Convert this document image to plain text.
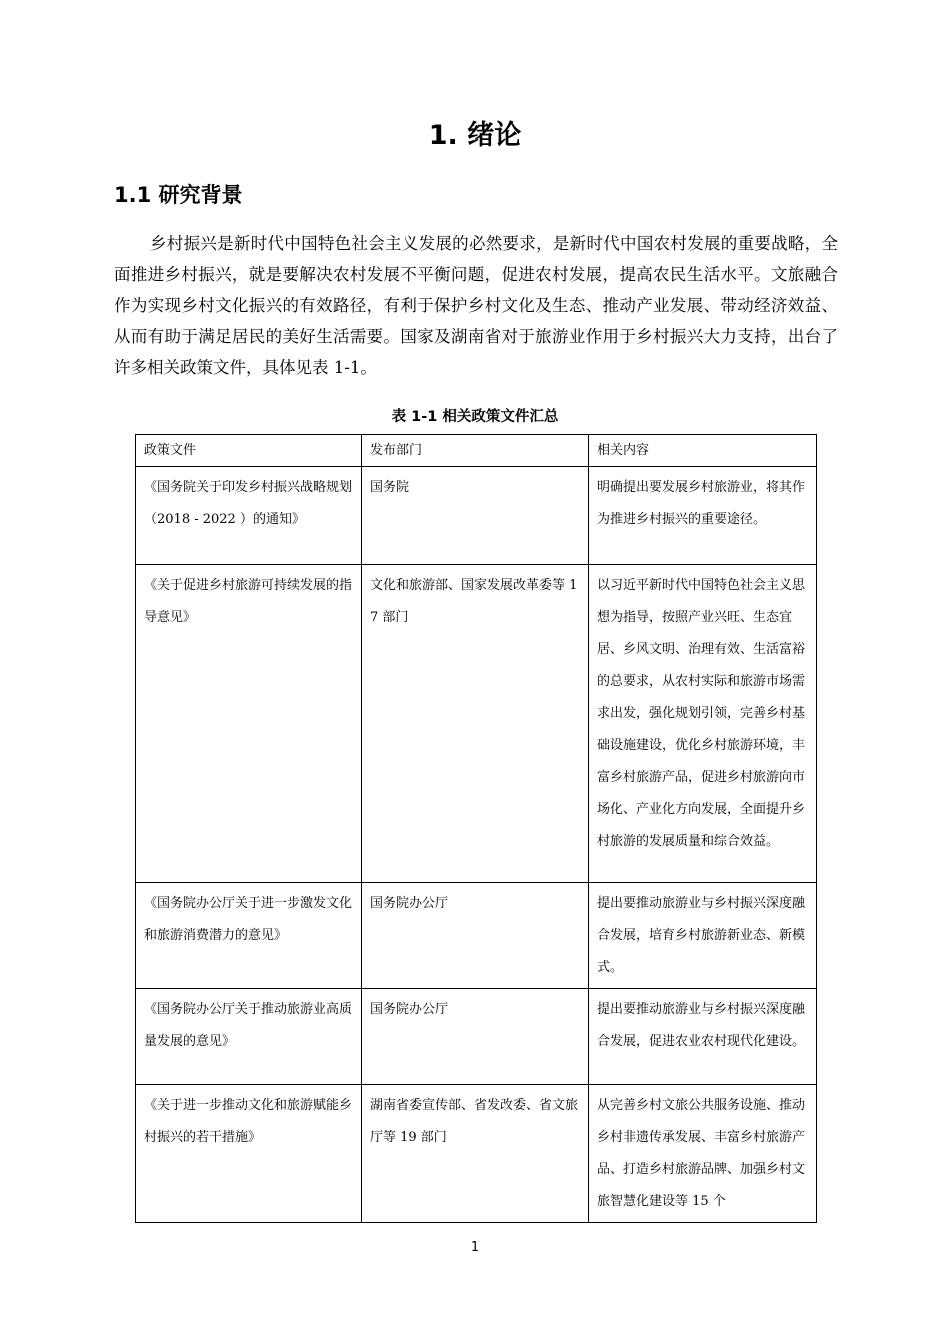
1. 绪论
1.1 研究背景

乡村振兴是新时代中国特色社会主义发展的必然要求，是新时代中国农村发展的重要战略，全面推进乡村振兴，就是要解决农村发展不平衡问题，促进农村发展，提高农民生活水平。文旅融合作为实现乡村文化振兴的有效路径，有利于保护乡村文化及生态、推动产业发展、带动经济效益、从而有助于满足居民的美好生活需要。国家及湖南省对于旅游业作用于乡村振兴大力支持，出台了许多相关政策文件，具体见表 1-1。

表 1-1 相关政策文件汇总
政策文件	发布部门	相关内容
《国务院关于印发乡村振兴战略规划（2018 - 2022 ）的通知》	国务院	明确提出要发展乡村旅游业，将其作为推进乡村振兴的重要途径。
《关于促进乡村旅游可持续发展的指导意见》	文化和旅游部、国家发展改革委等 17 部门	以习近平新时代中国特色社会主义思想为指导，按照产业兴旺、生态宜居、乡风文明、治理有效、生活富裕的总要求，从农村实际和旅游市场需求出发，强化规划引领，完善乡村基础设施建设，优化乡村旅游环境，丰富乡村旅游产品，促进乡村旅游向市场化、产业化方向发展，全面提升乡村旅游的发展质量和综合效益。
《国务院办公厅关于进一步激发文化和旅游消费潜力的意见》	国务院办公厅	提出要推动旅游业与乡村振兴深度融合发展，培育乡村旅游新业态、新模式。
《国务院办公厅关于推动旅游业高质量发展的意见》	国务院办公厅	提出要推动旅游业与乡村振兴深度融合发展，促进农业农村现代化建设。
《关于进一步推动文化和旅游赋能乡村振兴的若干措施》	湖南省委宣传部、省发改委、省文旅厅等 19 部门	从完善乡村文旅公共服务设施、推动乡村非遗传承发展、丰富乡村旅游产品、打造乡村旅游品牌、加强乡村文旅智慧化建设等 15 个
1
